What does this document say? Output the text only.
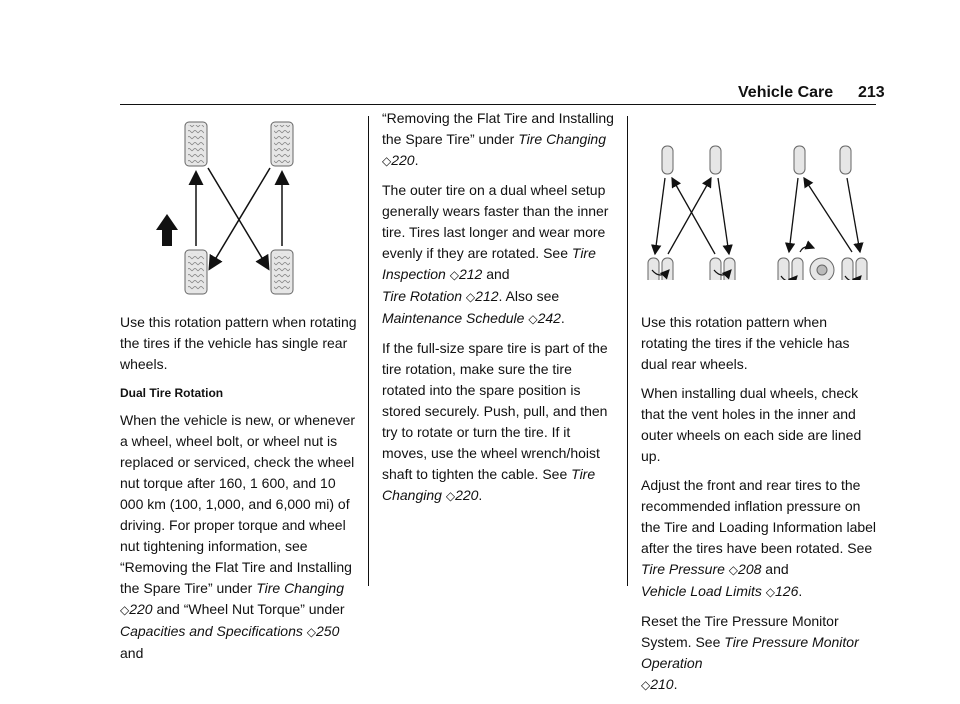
Vehicle Care 213

Use this rotation pattern when rotating the tires if the vehicle has single rear wheels.

Dual Tire Rotation

When the vehicle is new, or whenever a wheel, wheel bolt, or wheel nut is replaced or serviced, check the wheel nut torque after 160, 1 600, and 10 000 km (100, 1,000, and 6,000 mi) of driving. For proper torque and wheel nut tightening information, see “Removing the Flat Tire and Installing the Spare Tire” under Tire Changing ◇220 and “Wheel Nut Torque” under Capacities and Specifications ◇250 and

“Removing the Flat Tire and Installing the Spare Tire” under Tire Changing
◇220.

The outer tire on a dual wheel setup generally wears faster than the inner tire. Tires last longer and wear more evenly if they are rotated. See Tire Inspection ◇212 and
Tire Rotation ◇212. Also see Maintenance Schedule ◇242.

If the full-size spare tire is part of the tire rotation, make sure the tire rotated into the spare position is stored securely. Push, pull, and then try to rotate or turn the tire. If it moves, use the wheel wrench/hoist shaft to tighten the cable. See Tire Changing ◇220.

Use this rotation pattern when rotating the tires if the vehicle has dual rear wheels.

When installing dual wheels, check that the vent holes in the inner and outer wheels on each side are lined up.

Adjust the front and rear tires to the recommended inflation pressure on the Tire and Loading Information label after the tires have been rotated. See Tire Pressure ◇208 and
Vehicle Load Limits ◇126.

Reset the Tire Pressure Monitor System. See Tire Pressure Monitor Operation
◇210.
